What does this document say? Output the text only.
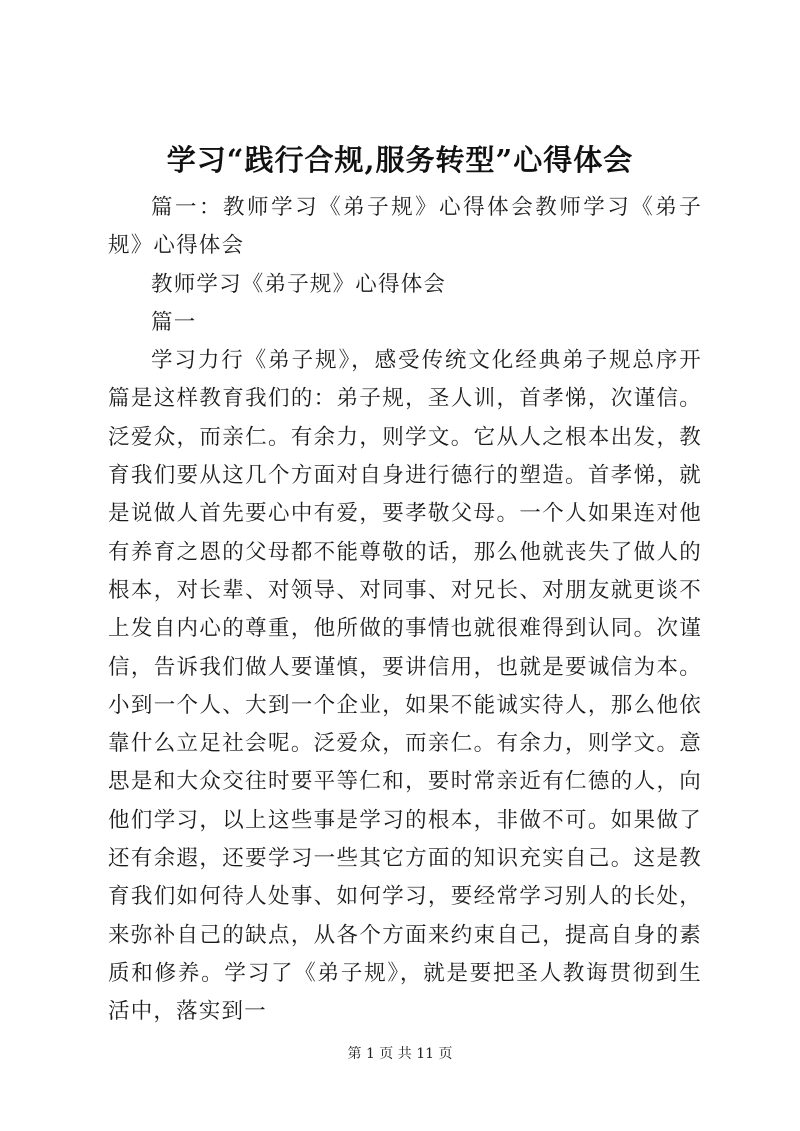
学习“践行合规,服务转型”心得体会

篇一：教师学习《弟子规》心得体会教师学习《弟子规》心得体会

教师学习《弟子规》心得体会

篇一

学习力行《弟子规》，感受传统文化经典弟子规总序开篇是这样教育我们的：弟子规，圣人训，首孝悌，次谨信。泛爱众，而亲仁。有余力，则学文。它从人之根本出发，教育我们要从这几个方面对自身进行德行的塑造。首孝悌，就是说做人首先要心中有爱，要孝敬父母。一个人如果连对他有养育之恩的父母都不能尊敬的话，那么他就丧失了做人的根本，对长辈、对领导、对同事、对兄长、对朋友就更谈不上发自内心的尊重，他所做的事情也就很难得到认同。次谨信，告诉我们做人要谨慎，要讲信用，也就是要诚信为本。小到一个人、大到一个企业，如果不能诚实待人，那么他依靠什么立足社会呢。泛爱众，而亲仁。有余力，则学文。意思是和大众交往时要平等仁和，要时常亲近有仁德的人，向他们学习，以上这些事是学习的根本，非做不可。如果做了还有余遐，还要学习一些其它方面的知识充实自己。这是教育我们如何待人处事、如何学习，要经常学习别人的长处，来弥补自己的缺点，从各个方面来约束自己，提高自身的素质和修养。学习了《弟子规》，就是要把圣人教诲贯彻到生活中，落实到一

第 1 页 共 11 页
